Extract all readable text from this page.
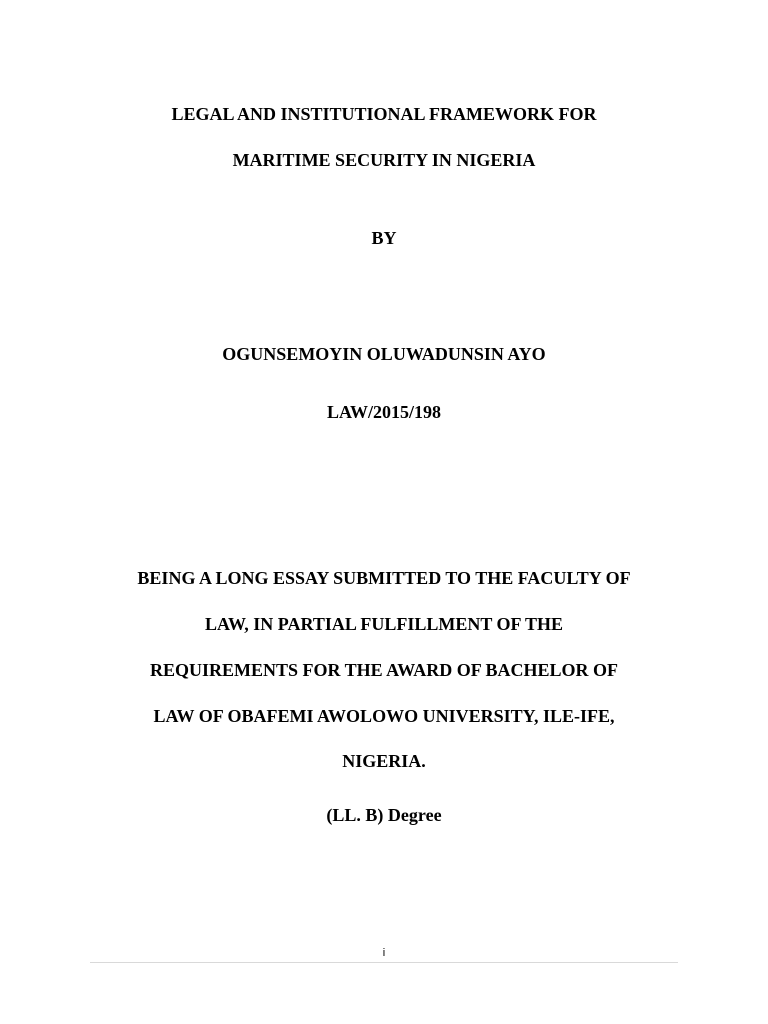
LEGAL AND INSTITUTIONAL FRAMEWORK FOR
MARITIME SECURITY IN NIGERIA
BY
OGUNSEMOYIN OLUWADUNSIN AYO
LAW/2015/198
BEING A LONG ESSAY SUBMITTED TO THE FACULTY OF
LAW, IN PARTIAL FULFILLMENT OF THE
REQUIREMENTS FOR THE AWARD OF BACHELOR OF
LAW OF OBAFEMI AWOLOWO UNIVERSITY, ILE-IFE,
NIGERIA.
(LL. B) Degree
i
